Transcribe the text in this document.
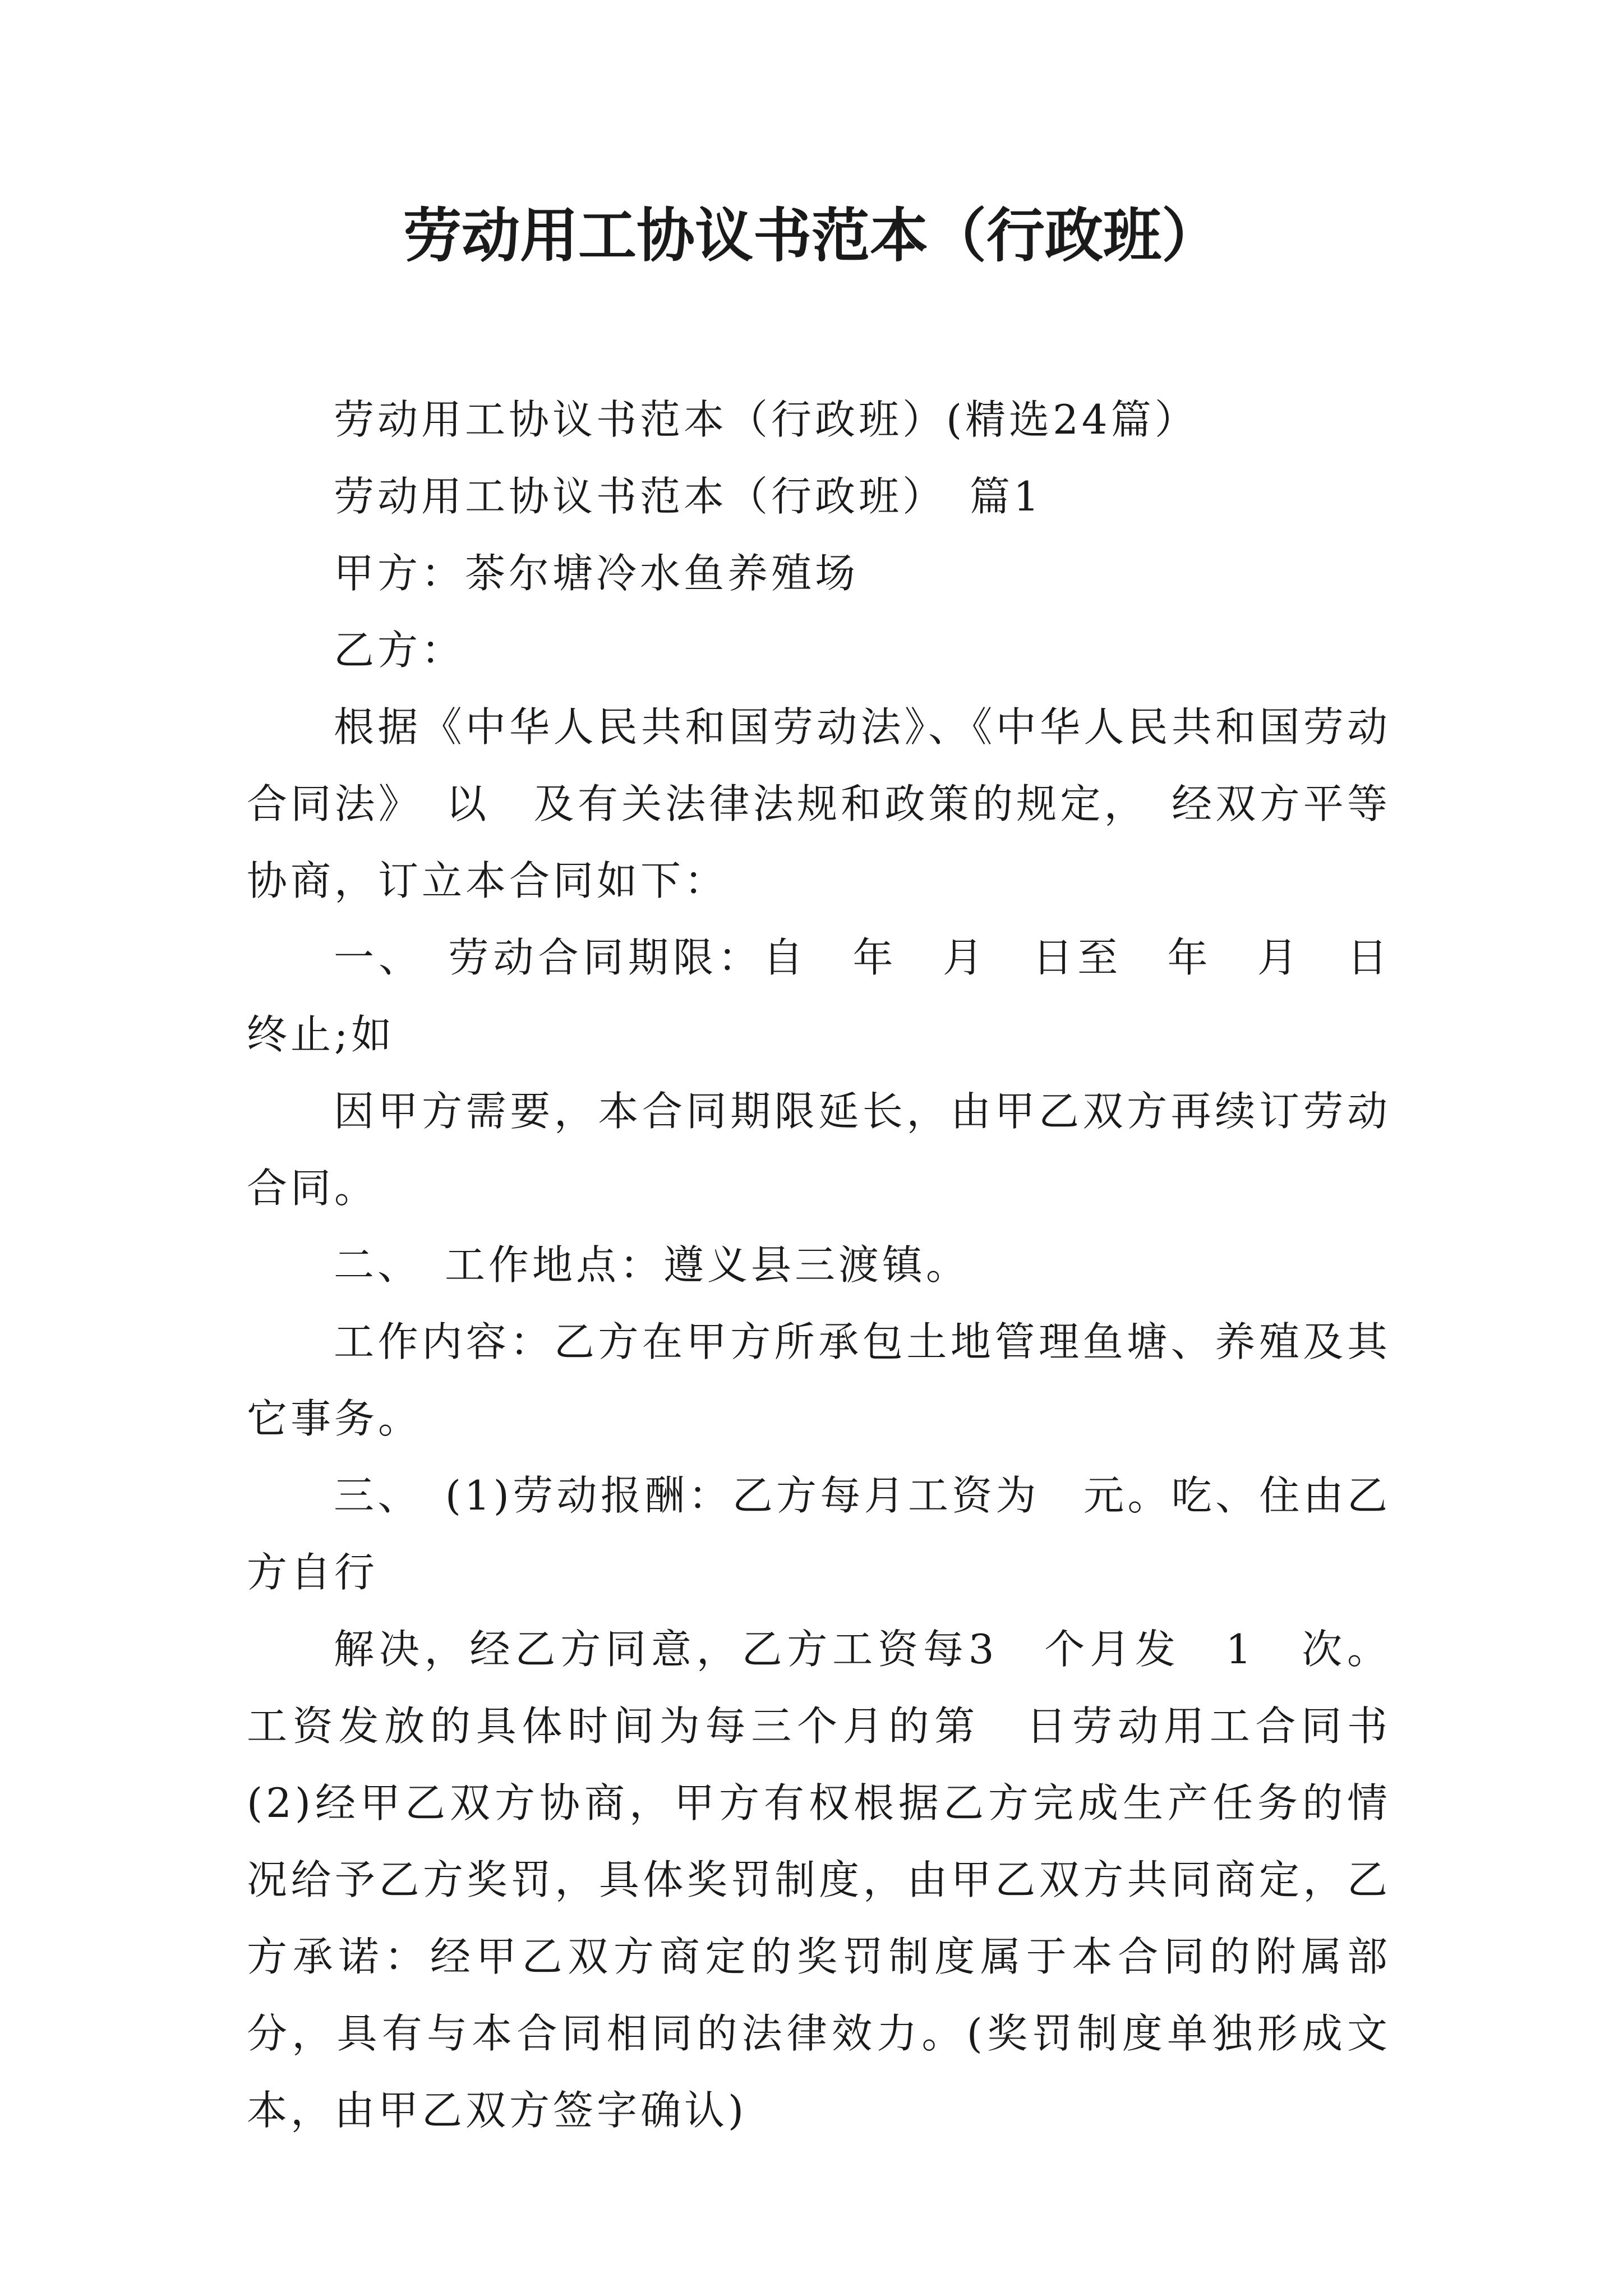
劳动用工协议书范本（行政班）

劳动用工协议书范本（行政班）(精选24篇）

劳动用工协议书范本（行政班）　篇1

甲方：茶尔塘冷水鱼养殖场

乙方：

根据《中华人民共和国劳动法》、《中华人民共和国劳动合同法》　以　及有关法律法规和政策的规定，　经双方平等协商，订立本合同如下：

一、　劳动合同期限：自　年　月　日至　年　月　日终止;如

因甲方需要，本合同期限延长，由甲乙双方再续订劳动合同。

二、　工作地点：遵义县三渡镇。

工作内容：乙方在甲方所承包土地管理鱼塘、养殖及其它事务。

三、　(1)劳动报酬：乙方每月工资为　元。吃、住由乙方自行

解决，经乙方同意，乙方工资每3　个月发　1　次。工资发放的具体时间为每三个月的第　日劳动用工合同书(2)经甲乙双方协商，甲方有权根据乙方完成生产任务的情况给予乙方奖罚，具体奖罚制度，由甲乙双方共同商定，乙方承诺：经甲乙双方商定的奖罚制度属于本合同的附属部分，具有与本合同相同的法律效力。(奖罚制度单独形成文本，由甲乙双方签字确认)
